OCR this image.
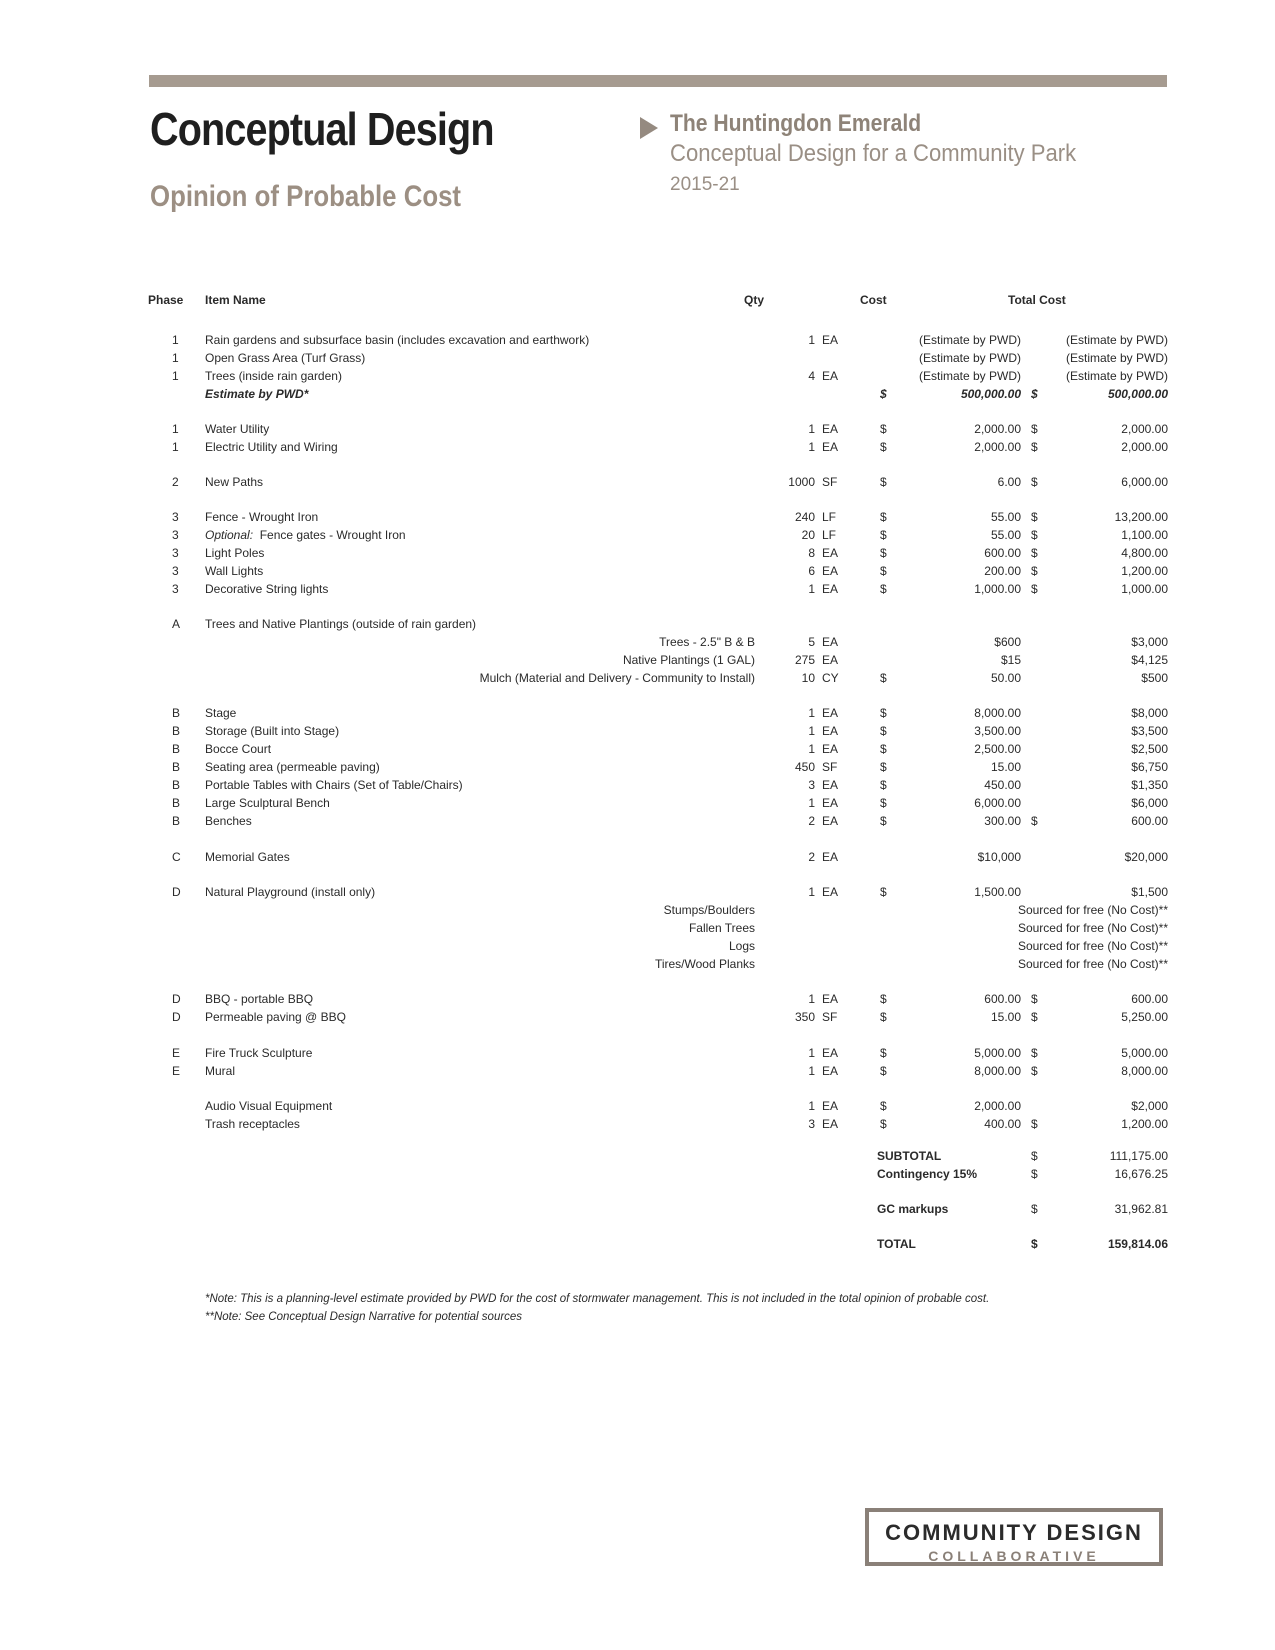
Conceptual Design
Opinion of Probable Cost
The Huntingdon Emerald
Conceptual Design for a Community Park
2015-21
Phase Item Name	Qty	Cost	Total Cost
1 Rain gardens and subsurface basin (includes excavation and earthwork)	1 EA	(Estimate by PWD)	(Estimate by PWD)
1 Open Grass Area (Turf Grass)	(Estimate by PWD)	(Estimate by PWD)
1 Trees (inside rain garden)	4 EA	(Estimate by PWD)	(Estimate by PWD)
Estimate by PWD*	$	500,000.00 $	500,000.00
1 Water Utility	1 EA	$	2,000.00 $	2,000.00
1 Electric Utility and Wiring	1 EA	$	2,000.00 $	2,000.00
2 New Paths	1000 SF	$	6.00 $	6,000.00
3 Fence - Wrought Iron	240 LF	$	55.00 $	13,200.00
3 Optional: Fence gates - Wrought Iron	20 LF	$	55.00 $	1,100.00
3 Light Poles	8 EA	$	600.00 $	4,800.00
3 Wall Lights	6 EA	$	200.00 $	1,200.00
3 Decorative String lights	1 EA	$	1,000.00 $	1,000.00
A Trees and Native Plantings (outside of rain garden)
Trees - 2.5" B & B	5 EA	$600	$3,000
Native Plantings (1 GAL)	275 EA	$15	$4,125
Mulch (Material and Delivery - Community to Install)	10 CY	$	50.00	$500
B Stage	1 EA	$	8,000.00	$8,000
B Storage (Built into Stage)	1 EA	$	3,500.00	$3,500
B Bocce Court	1 EA	$	2,500.00	$2,500
B Seating area (permeable paving)	450 SF	$	15.00	$6,750
B Portable Tables with Chairs (Set of Table/Chairs)	3 EA	$	450.00	$1,350
B Large Sculptural Bench	1 EA	$	6,000.00	$6,000
B Benches	2 EA	$	300.00 $	600.00
C Memorial Gates	2 EA	$10,000	$20,000
D Natural Playground (install only)	1 EA	$	1,500.00	$1,500
Stumps/Boulders	Sourced for free (No Cost)**
Fallen Trees	Sourced for free (No Cost)**
Logs	Sourced for free (No Cost)**
Tires/Wood Planks	Sourced for free (No Cost)**
D BBQ - portable BBQ	1 EA	$	600.00 $	600.00
D Permeable paving @ BBQ	350 SF	$	15.00 $	5,250.00
E Fire Truck Sculpture	1 EA	$	5,000.00 $	5,000.00
E Mural	1 EA	$	8,000.00 $	8,000.00
Audio Visual Equipment	1 EA	$	2,000.00	$2,000
Trash receptacles	3 EA	$	400.00 $	1,200.00
SUBTOTAL	$	111,175.00
Contingency 15%	$	16,676.25
GC markups	$	31,962.81
TOTAL	$	159,814.06
*Note: This is a planning-level estimate provided by PWD for the cost of stormwater management. This is not included in the total opinion of probable cost.
**Note: See Conceptual Design Narrative for potential sources
COMMUNITY DESIGN
COLLABORATIVE
